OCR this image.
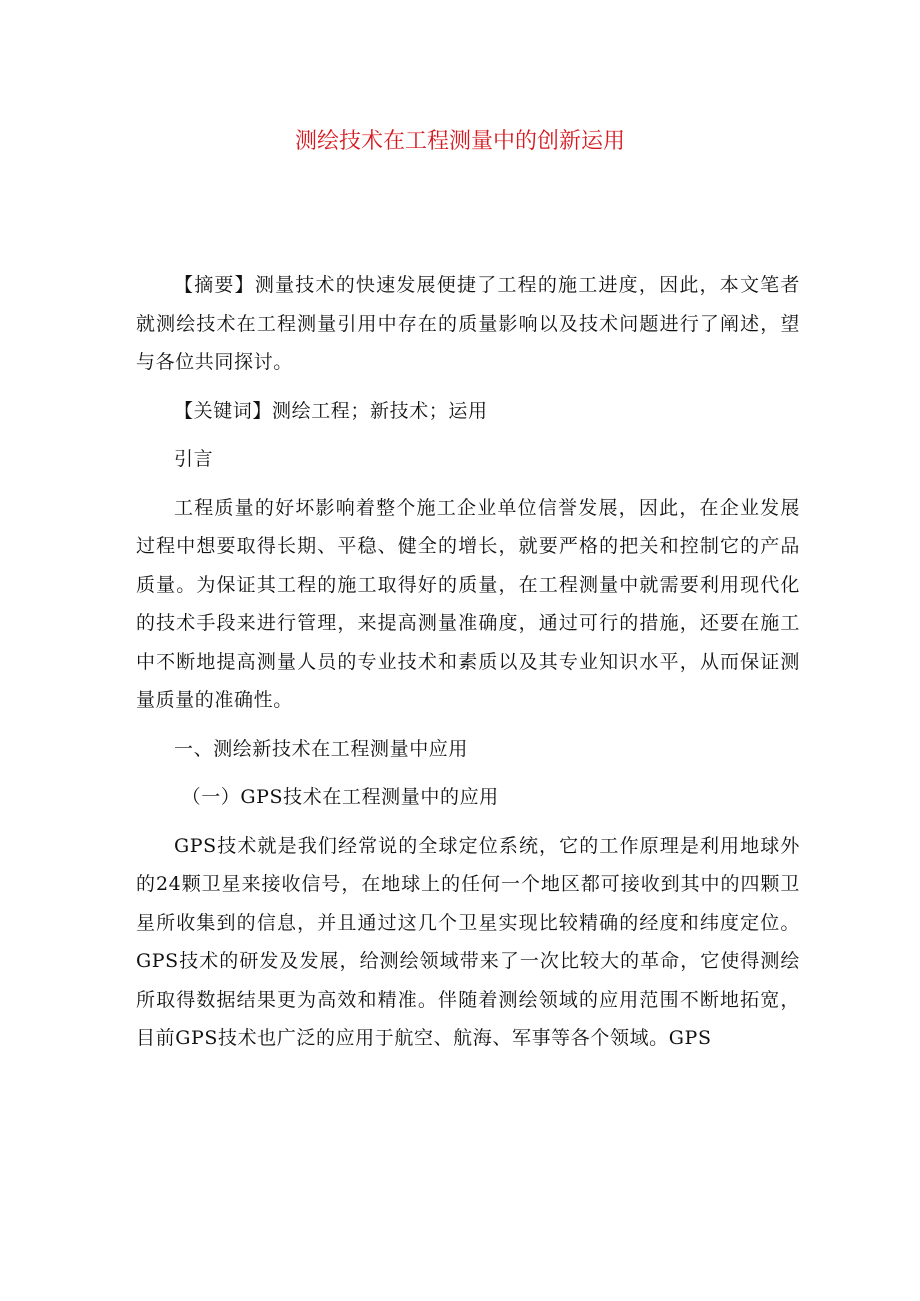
测绘技术在工程测量中的创新运用

【摘要】测量技术的快速发展便捷了工程的施工进度，因此，本文笔者就测绘技术在工程测量引用中存在的质量影响以及技术问题进行了阐述，望与各位共同探讨。

【关键词】测绘工程；新技术；运用

引言

工程质量的好坏影响着整个施工企业单位信誉发展，因此，在企业发展过程中想要取得长期、平稳、健全的增长，就要严格的把关和控制它的产品质量。为保证其工程的施工取得好的质量，在工程测量中就需要利用现代化的技术手段来进行管理，来提高测量准确度，通过可行的措施，还要在施工中不断地提高测量人员的专业技术和素质以及其专业知识水平，从而保证测量质量的准确性。

一、测绘新技术在工程测量中应用

（一）GPS技术在工程测量中的应用

GPS技术就是我们经常说的全球定位系统，它的工作原理是利用地球外的24颗卫星来接收信号，在地球上的任何一个地区都可接收到其中的四颗卫星所收集到的信息，并且通过这几个卫星实现比较精确的经度和纬度定位。GPS技术的研发及发展，给测绘领域带来了一次比较大的革命，它使得测绘所取得数据结果更为高效和精准。伴随着测绘领域的应用范围不断地拓宽，目前GPS技术也广泛的应用于航空、航海、军事等各个领域。GPS
